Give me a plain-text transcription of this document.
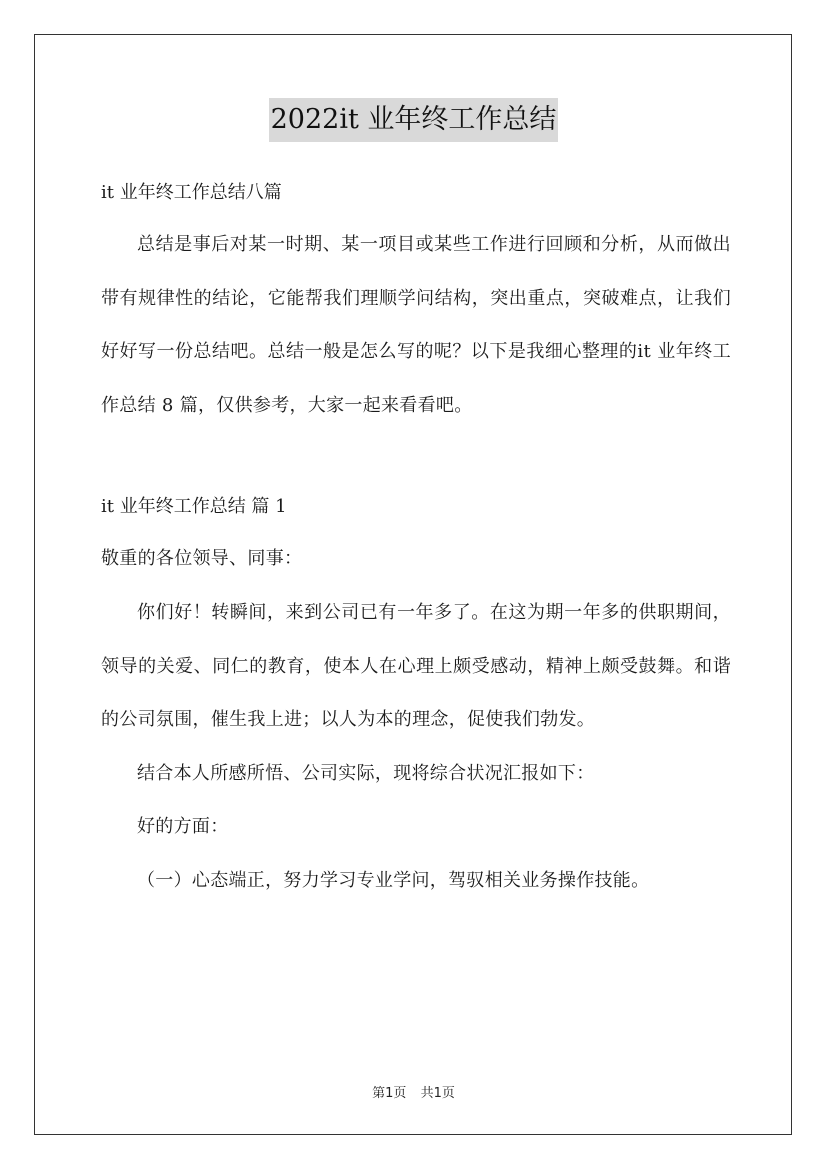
2022it 业年终工作总结

it 业年终工作总结八篇

总结是事后对某一时期、某一项目或某些工作进行回顾和分析，从而做出带有规律性的结论，它能帮我们理顺学问结构，突出重点，突破难点，让我们好好写一份总结吧。总结一般是怎么写的呢？以下是我细心整理的it 业年终工作总结 8 篇，仅供参考，大家一起来看看吧。

it 业年终工作总结 篇 1

敬重的各位领导、同事：

你们好！转瞬间，来到公司已有一年多了。在这为期一年多的供职期间，领导的关爱、同仁的教育，使本人在心理上颇受感动，精神上颇受鼓舞。和谐的公司氛围，催生我上进；以人为本的理念，促使我们勃发。

结合本人所感所悟、公司实际，现将综合状况汇报如下：

好的方面：

（一）心态端正，努力学习专业学问，驾驭相关业务操作技能。

第1页 共1页
